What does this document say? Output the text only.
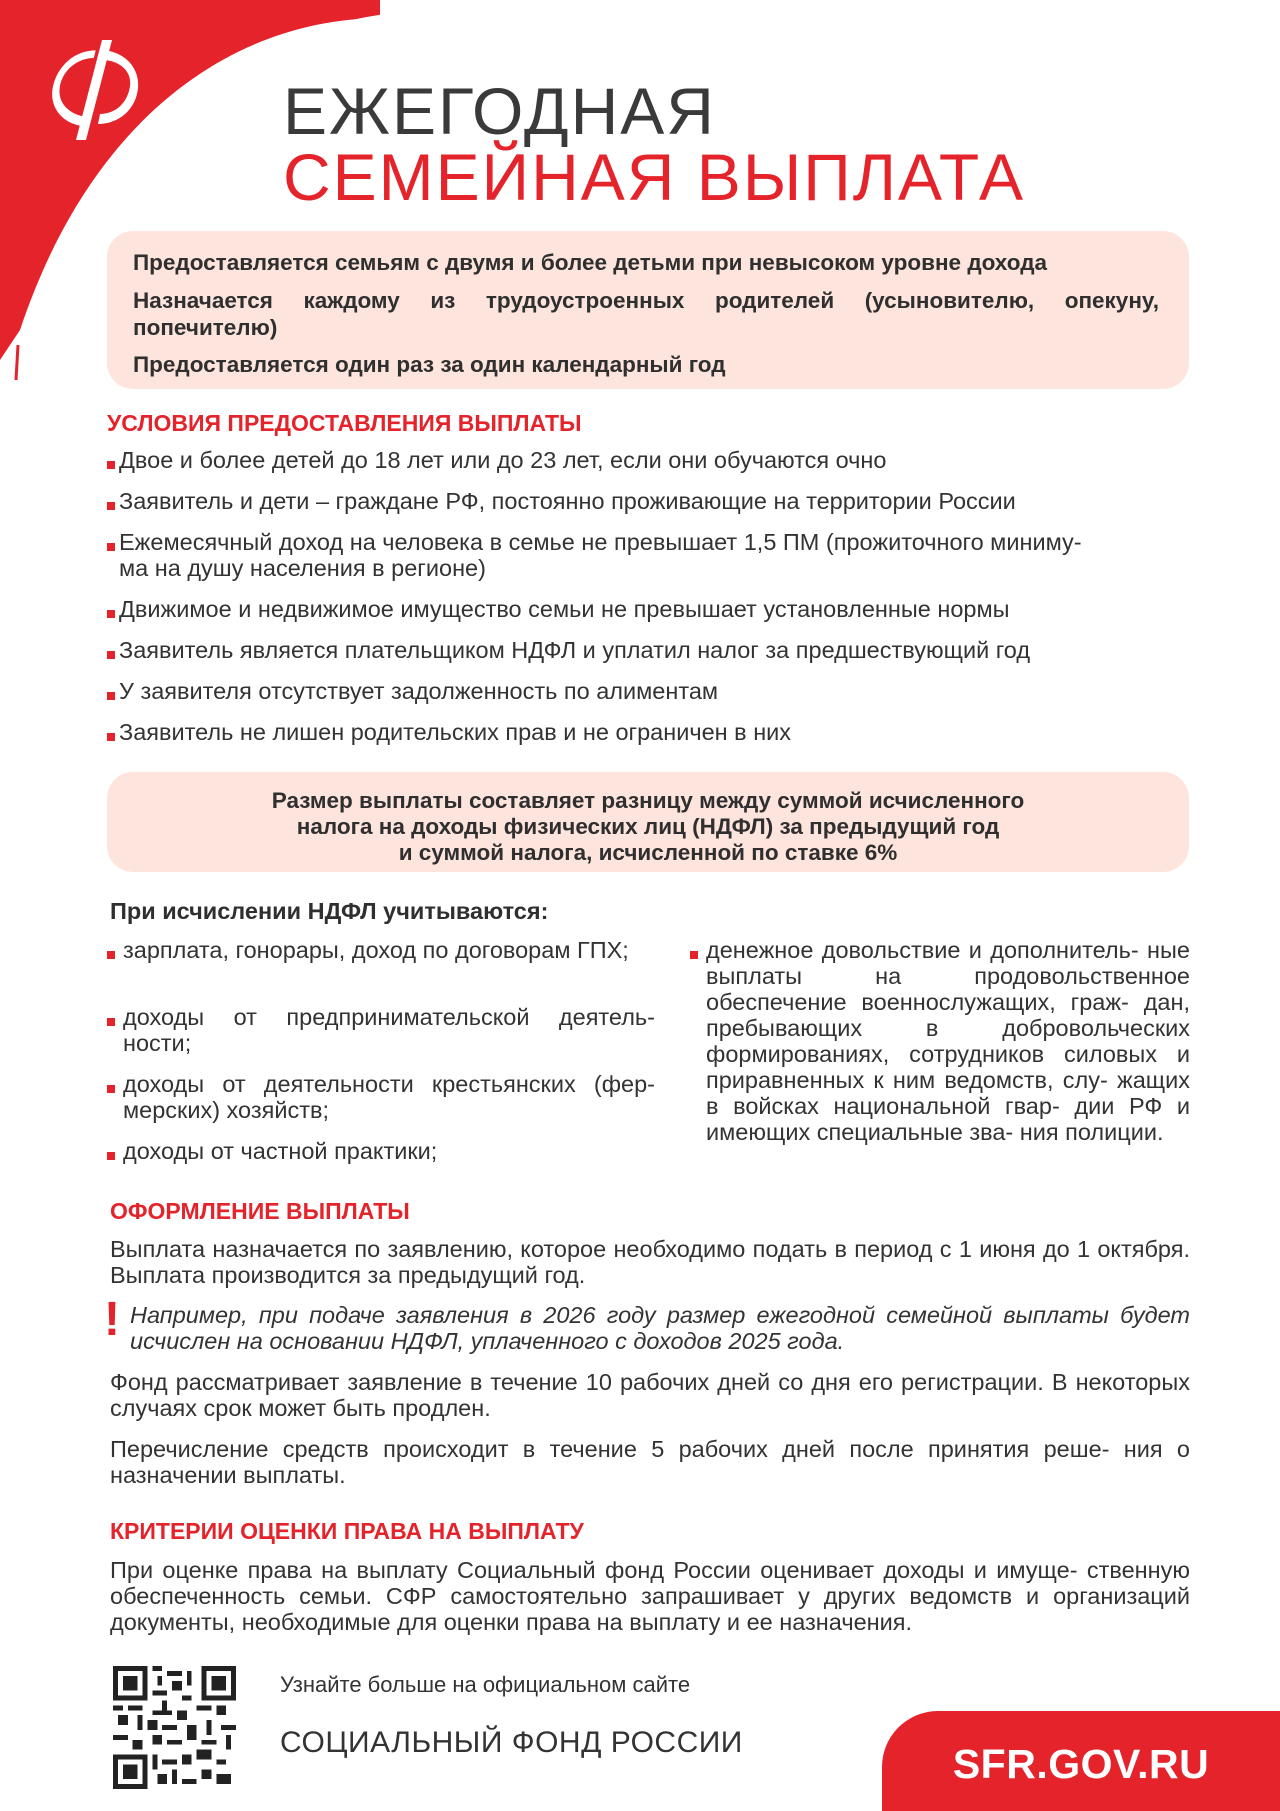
ЕЖЕГОДНАЯ
СЕМЕЙНАЯ ВЫПЛАТА

Предоставляется семьям с двумя и более детьми при невысоком уровне дохода

Назначается каждому из трудоустроенных родителей (усыновителю, опекуну, попечителю)

Предоставляется один раз за один календарный год

УСЛОВИЯ ПРЕДОСТАВЛЕНИЯ ВЫПЛАТЫ
Двое и более детей до 18 лет или до 23 лет, если они обучаются очно
Заявитель и дети – граждане РФ, постоянно проживающие на территории России
Ежемесячный доход на человека в семье не превышает 1,5 ПМ (прожиточного миниму-
ма на душу населения в регионе)
Движимое и недвижимое имущество семьи не превышает установленные нормы
Заявитель является плательщиком НДФЛ и уплатил налог за предшествующий год
У заявителя отсутствует задолженность по алиментам
Заявитель не лишен родительских прав и не ограничен в них
Размер выплаты составляет разницу между суммой исчисленного
налога на доходы физических лиц (НДФЛ) за предыдущий год
и суммой налога, исчисленной по ставке 6%
При исчислении НДФЛ учитываются:
зарплата, гонорары, доход по договорам ГПХ;
доходы от предпринимательской деятель- ности;
доходы от деятельности крестьянских (фер- мерских) хозяйств;
доходы от частной практики;
денежное довольствие и дополнитель- ные выплаты на продовольственное обеспечение военнослужащих, граж- дан, пребывающих в добровольческих формированиях, сотрудников силовых и приравненных к ним ведомств, слу- жащих в войсках национальной гвар- дии РФ и имеющих специальные зва- ния полиции.
ОФОРМЛЕНИЕ ВЫПЛАТЫ
Выплата назначается по заявлению, которое необходимо подать в период с 1 июня до 1 октября. Выплата производится за предыдущий год.
! Например, при подаче заявления в 2026 году размер ежегодной семейной выплаты будет исчислен на основании НДФЛ, уплаченного с доходов 2025 года.
Фонд рассматривает заявление в течение 10 рабочих дней со дня его регистрации. В некоторых случаях срок может быть продлен.
Перечисление средств происходит в течение 5 рабочих дней после принятия реше- ния о назначении выплаты.
КРИТЕРИИ ОЦЕНКИ ПРАВА НА ВЫПЛАТУ
При оценке права на выплату Социальный фонд России оценивает доходы и имуще- ственную обеспеченность семьи. СФР самостоятельно запрашивает у других ведомств и организаций документы, необходимые для оценки права на выплату и ее назначения.
Узнайте больше на официальном сайте
СОЦИАЛЬНЫЙ ФОНД РОССИИ	SFR.GOV.RU
